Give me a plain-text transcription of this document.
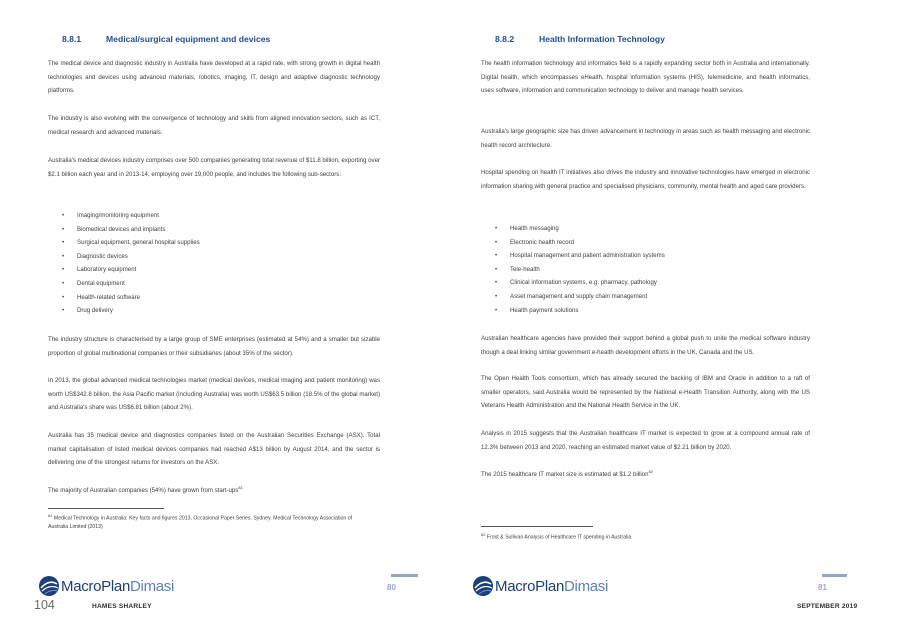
8.8.1	Medical/surgical equipment and devices

The medical device and diagnostic industry in Australia have developed at a rapid rate, with strong growth in digital health technologies and devices using advanced materials, robotics, imaging, IT, design and adaptive diagnostic technology platforms.

The industry is also evolving with the convergence of technology and skills from aligned innovation sectors, such as ICT, medical research and advanced materials.

Australia's medical devices industry comprises over 500 companies generating total revenue of $11.8 billion, exporting over $2.1 billion each year and in 2013-14, employing over 19,000 people, and includes the following sub-sectors:

• Imaging/monitoring equipment
• Biomedical devices and implants
• Surgical equipment, general hospital supplies
• Diagnostic devices
• Laboratory equipment
• Dental equipment
• Health-related software
• Drug delivery

The industry structure is characterised by a large group of SME enterprises (estimated at 54%) and a smaller but sizable proportion of global multinational companies or their subsidiaries (about 35% of the sector).

In 2013, the global advanced medical technologies market (medical devices, medical imaging and patient monitoring) was worth US$342.8 billion, the Asia Pacific market (including Australia) was worth US$63.5 billion (18.5% of the global market) and Australia's share was US$6.81 billion (about 2%).

Australia has 35 medical device and diagnostics companies listed on the Australian Securities Exchange (ASX). Total market capitalisation of listed medical devices companies had reached A$13 billion by August 2014, and the sector is delivering one of the strongest returns for investors on the ASX.

The majority of Australian companies (54%) have grown from start-ups$^{81}$

$^{81}$ Medical Technology in Australia: Key facts and figures 2013, Occasional Paper Series. Sydney. Medical Technology Association of Australia Limited (2013)

8.8.2	Health Information Technology

The health information technology and informatics field is a rapidly expanding sector both in Australia and internationally. Digital health, which encompasses eHealth, hospital information systems (HIS), telemedicine, and health informatics, uses software, information and communication technology to deliver and manage health services.

Australia's large geographic size has driven advancement in technology in areas such as health messaging and electronic health record architecture.

Hospital spending on health IT initiatives also drives the industry and innovative technologies have emerged in electronic information sharing with general practice and specialised physicians, community, mental health and aged care providers.

• Health messaging
• Electronic health record
• Hospital management and patient administration systems
• Tele-health
• Clinical information systems, e.g. pharmacy, pathology
• Asset management and supply chain management
• Health payment solutions

Australian healthcare agencies have provided their support behind a global push to unite the medical software industry though a deal linking similar government e-health development efforts in the UK, Canada and the US.

The Open Health Tools consortium, which has already secured the backing of IBM and Oracle in addition to a raft of smaller operators, said Australia would be represented by the National e-Health Transition Authority, along with the US Veterans Health Administration and the National Health Service in the UK.

Analysis in 2015 suggests that the Australian healthcare IT market is expected to grow at a compound annual rate of 12.3% between 2013 and 2020, reaching an estimated market value of $2.21 billion by 2020.

The 2015 healthcare IT market size is estimated at $1.2 billion$^{82}$

$^{82}$ Frost & Sullivan Analysis of Healthcare IT spending in Australia

MacroPlanDimasi	MacroPlanDimasi
80	81
104	HAMES SHARLEY	SEPTEMBER 2019
